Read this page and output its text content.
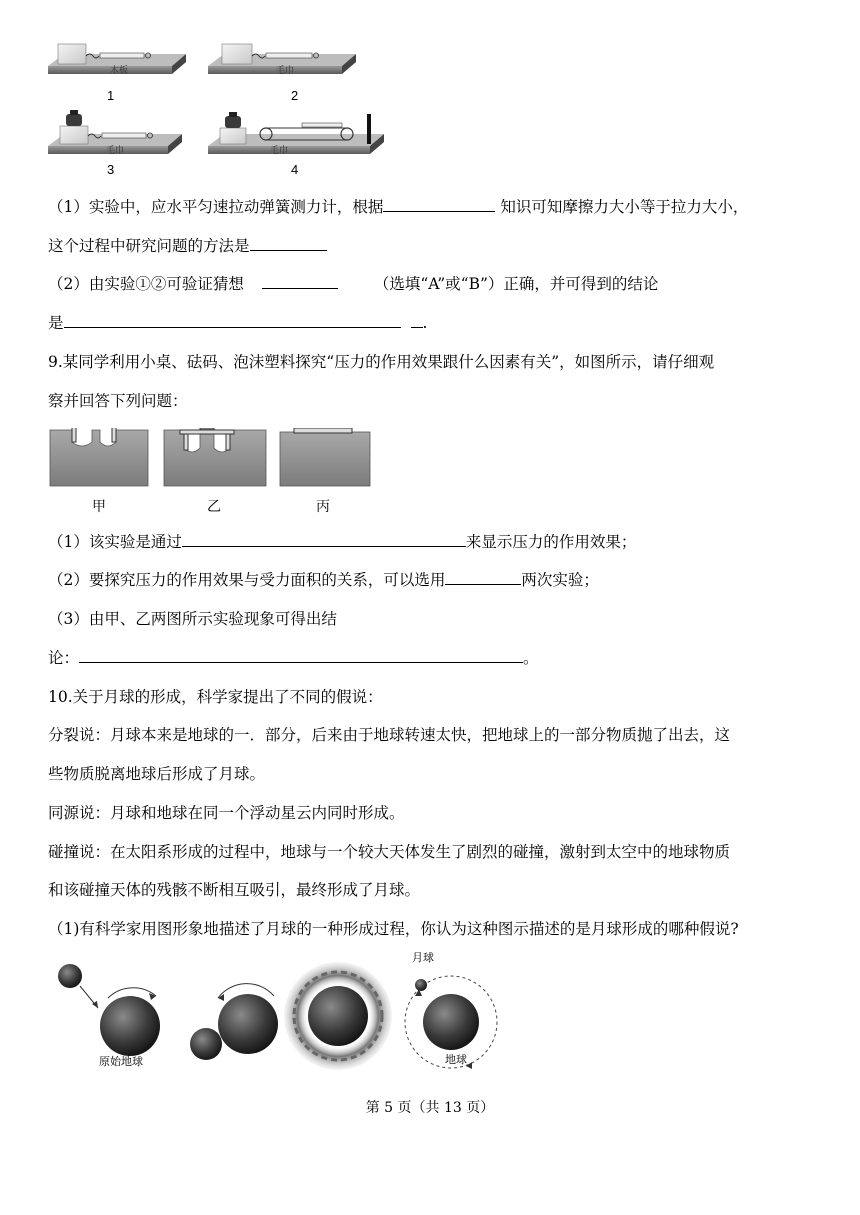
木板	毛巾
毛巾	毛巾
1	2
3	4
（1）实验中，应水平匀速拉动弹簧测力计，根据	知识可知摩擦力大小等于拉力大小，
这个过程中研究问题的方法是
（2）由实验①②可验证猜想	（选填“A”或“B”）正确，并可得到的结论
是	.
9.某同学利用小桌、砝码、泡沫塑料探究“压力的作用效果跟什么因素有关”，如图所示，请仔细观
察并回答下列问题：
甲	乙	丙
（1）该实验是通过	来显示压力的作用效果；
（2）要探究压力的作用效果与受力面积的关系，可以选用	两次实验；
（3）由甲、乙两图所示实验现象可得出结
论：	。
10.关于月球的形成，科学家提出了不同的假说：
分裂说：月球本来是地球的一．部分，后来由于地球转速太快，把地球上的一部分物质抛了出去，这
些物质脱离地球后形成了月球。
同源说：月球和地球在同一个浮动星云内同时形成。
碰撞说：在太阳系形成的过程中，地球与一个较大天体发生了剧烈的碰撞，激射到太空中的地球物质
和该碰撞天体的残骸不断相互吸引，最终形成了月球。
（1)有科学家用图形象地描述了月球的一种形成过程，你认为这种图示描述的是月球形成的哪种假说?
原始地球
月球
地球
第 5 页（共 13 页）
